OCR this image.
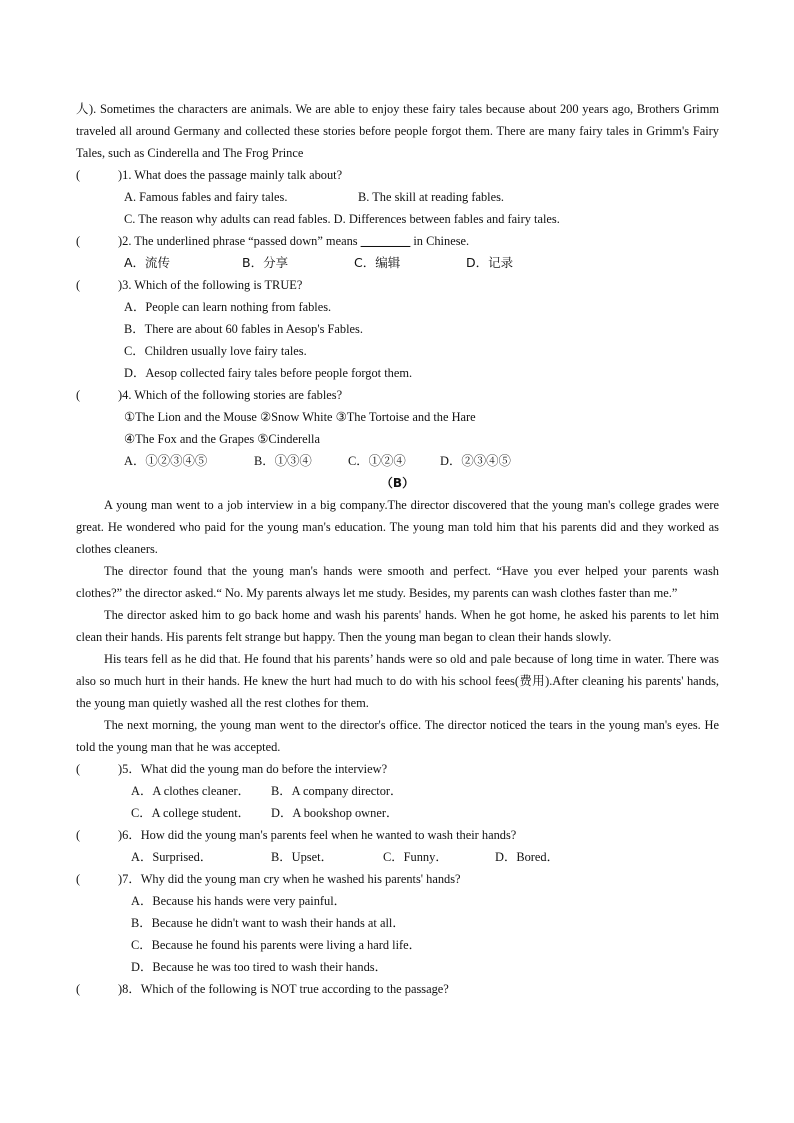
人). Sometimes the characters are animals. We are able to enjoy these fairy tales because about 200 years ago, Brothers Grimm traveled all around Germany and collected these stories before people forgot them. There are many fairy tales in Grimm's Fairy Tales, such as Cinderella and The Frog Prince

(	)1. What does the passage mainly talk about?

A. Famous fables and fairy tales.	B. The skill at reading fables.

C. The reason why adults can read fables. D. Differences between fables and fairy tales.

(	)2. The underlined phrase “passed down” means ________ in Chinese.

A．流传	B．分享	C．编辑	D．记录

(	)3. Which of the following is TRUE?

A．People can learn nothing from fables.

B．There are about 60 fables in Aesop's Fables.

C．Children usually love fairy tales.

D．Aesop collected fairy tales before people forgot them.

(	)4. Which of the following stories are fables?

①The Lion and the Mouse ②Snow White ③The Tortoise and the Hare

④The Fox and the Grapes ⑤Cinderella

A．①②③④⑤	B．①③④	C．①②④	D．②③④⑤

（B）

A young man went to a job interview in a big company.The director discovered that the young man's college grades were great. He wondered who paid for the young man's education. The young man told him that his parents did and they worked as clothes cleaners.

The director found that the young man's hands were smooth and perfect. “Have you ever helped your parents wash clothes?” the director asked.“ No. My parents always let me study. Besides, my parents can wash clothes faster than me.”

The director asked him to go back home and wash his parents' hands. When he got home, he asked his parents to let him clean their hands. His parents felt strange but happy. Then the young man began to clean their hands slowly.

His tears fell as he did that. He found that his parents’ hands were so old and pale because of long time in water. There was also so much hurt in their hands. He knew the hurt had much to do with his school fees(费用).After cleaning his parents' hands, the young man quietly washed all the rest clothes for them.

The next morning, the young man went to the director's office. The director noticed the tears in the young man's eyes. He told the young man that he was accepted.

(	)5．What did the young man do before the interview?

A．A clothes cleaner． B．A company director．

C．A college student． D．A bookshop owner．

(	)6．How did the young man's parents feel when he wanted to wash their hands?

A．Surprised．	B．Upset．	C．Funny．	D．Bored．

(	)7．Why did the young man cry when he washed his parents' hands?

A．Because his hands were very painful．

B．Because he didn't want to wash their hands at all．

C．Because he found his parents were living a hard life．

D．Because he was too tired to wash their hands．

(	)8．Which of the following is NOT true according to the passage?
